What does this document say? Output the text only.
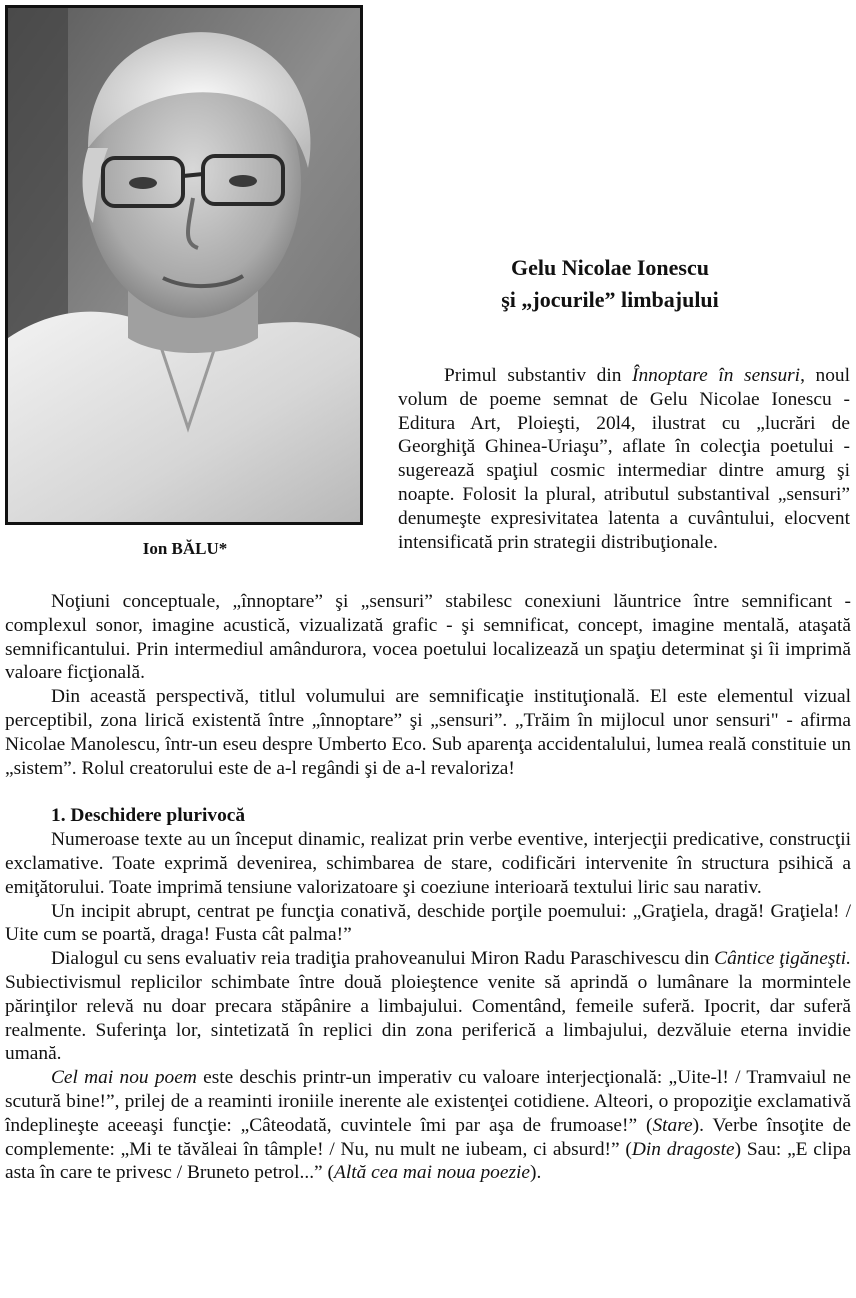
Ion BĂLU*
Gelu Nicolae Ionescu
şi „jocurile” limbajului

Primul substantiv din Înnoptare în sensuri, noul volum de poeme semnat de Gelu Nicolae Ionescu - Editura Art, Ploieşti, 20l4, ilustrat cu „lucrări de Georghiţă Ghinea-Uriaşu”, aflate în colecţia poetului - sugerează spaţiul cosmic intermediar dintre amurg şi noapte. Folosit la plural, atributul substantival „sensuri” denumeşte expresivitatea latenta a cuvântului, elocvent intensificată prin strategii distribuţionale.

Noţiuni conceptuale, „înnoptare” şi „sensuri” stabilesc conexiuni lăuntrice între semnificant - complexul sonor, imagine acustică, vizualizată grafic - şi semnificat, concept, imagine mentală, ataşată semnificantului. Prin intermediul amândurora, vocea poetului localizează un spaţiu determinat şi îi imprimă valoare ficţională.

Din această perspectivă, titlul volumului are semnificaţie instituţională. El este elementul vizual perceptibil, zona lirică existentă între „înnoptare” şi „sensuri”. „Trăim în mijlocul unor sensuri" - afirma Nicolae Manolescu, într-un eseu despre Umberto Eco. Sub aparenţa accidentalului, lumea reală constituie un „sistem”. Rolul creatorului este de a-l regândi şi de a-l revaloriza!

1. Deschidere plurivocă

Numeroase texte au un început dinamic, realizat prin verbe eventive, interjecţii predicative, construcţii exclamative. Toate exprimă devenirea, schimbarea de stare, codificări intervenite în structura psihică a emiţătorului. Toate imprimă tensiune valorizatoare şi coeziune interioară textului liric sau narativ.

Un incipit abrupt, centrat pe funcţia conativă, deschide porţile poemului: „Graţiela, dragă! Graţiela! / Uite cum se poartă, draga! Fusta cât palma!”

Dialogul cu sens evaluativ reia tradiţia prahoveanului Miron Radu Paraschivescu din Cântice ţigăneşti. Subiectivismul replicilor schimbate între două ploieştence venite să aprindă o lumânare la mormintele părinţilor relevă nu doar precara stăpânire a limbajului. Comentând, femeile suferă. Ipocrit, dar suferă realmente. Suferinţa lor, sintetizată în replici din zona periferică a limbajului, dezvăluie eterna invidie umană.

Cel mai nou poem este deschis printr-un imperativ cu valoare interjecţională: „Uite-l! / Tramvaiul ne scutură bine!”, prilej de a reaminti ironiile inerente ale existenţei cotidiene. Alteori, o propoziţie exclamativă îndeplineşte aceeaşi funcţie: „Câteodată, cuvintele îmi par aşa de frumoase!” (Stare). Verbe însoţite de complemente: „Mi te tăvăleai în tâmple! / Nu, nu mult ne iubeam, ci absurd!” (Din dragoste) Sau: „E clipa asta în care te privesc / Bruneto petrol...” (Altă cea mai noua poezie).
